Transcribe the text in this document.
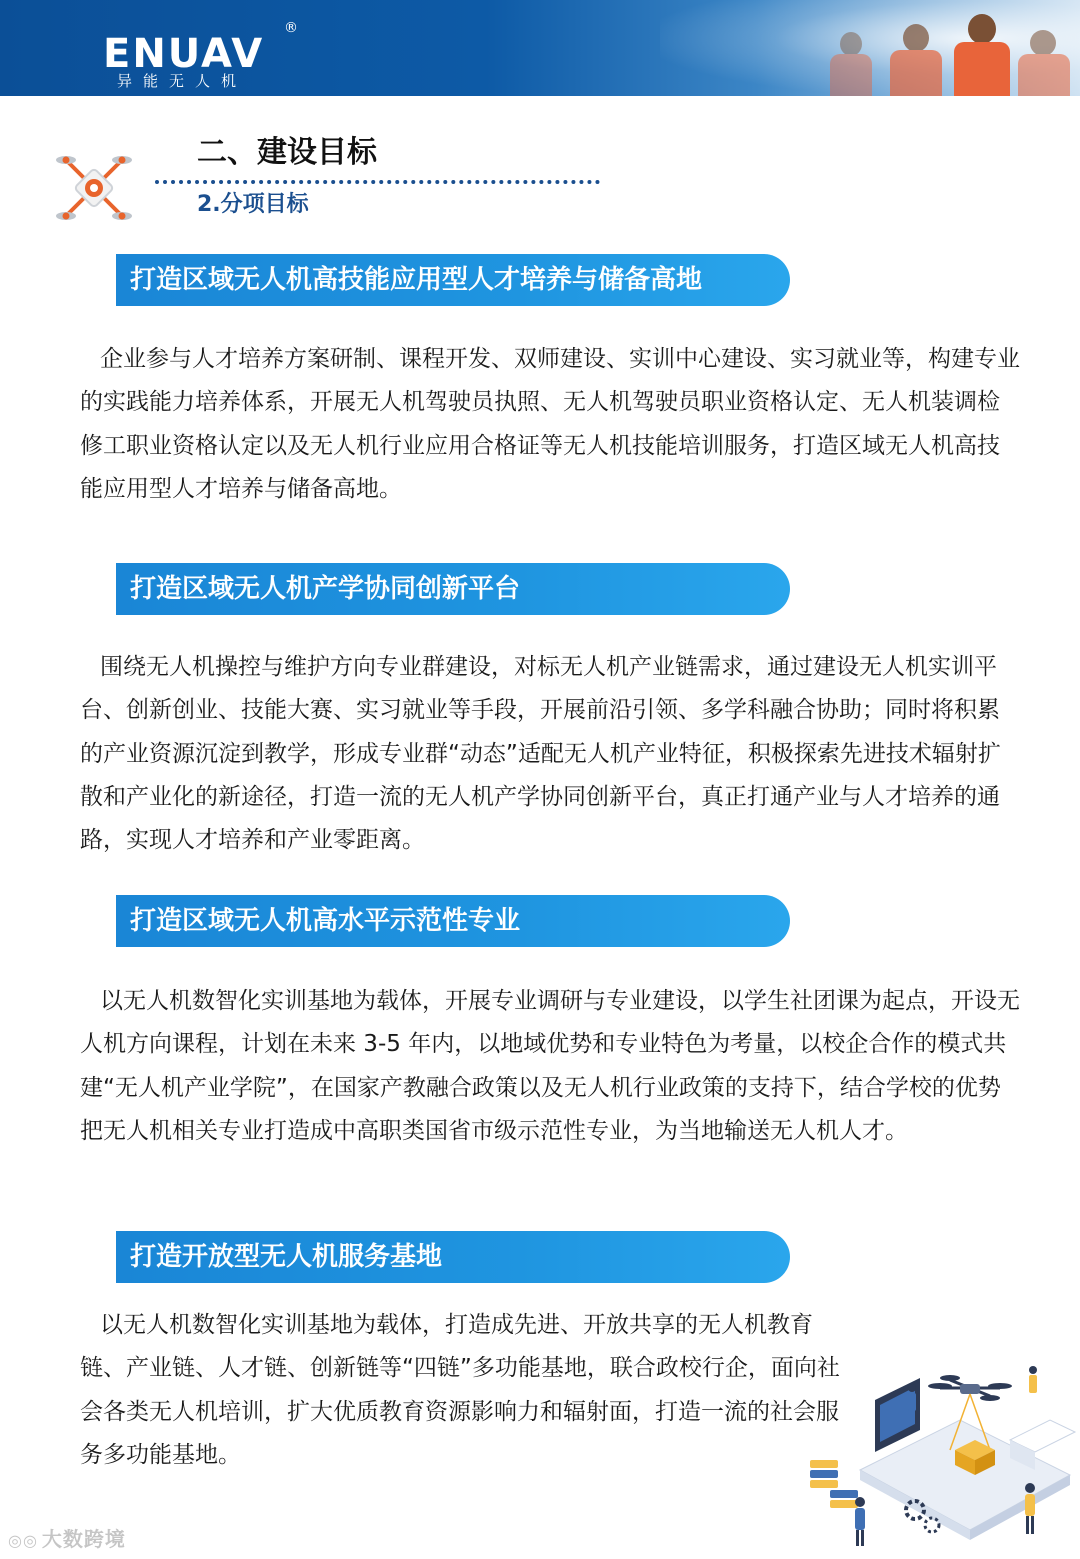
ENUAV
®
异能无人机
二、建设目标
2.分项目标
打造区域无人机高技能应用型人才培养与储备高地

企业参与人才培养方案研制、课程开发、双师建设、实训中心建设、实习就业等，构建专业的实践能力培养体系，开展无人机驾驶员执照、无人机驾驶员职业资格认定、无人机装调检修工职业资格认定以及无人机行业应用合格证等无人机技能培训服务，打造区域无人机高技能应用型人才培养与储备高地。

打造区域无人机产学协同创新平台

围绕无人机操控与维护方向专业群建设，对标无人机产业链需求，通过建设无人机实训平台、创新创业、技能大赛、实习就业等手段，开展前沿引领、多学科融合协助；同时将积累的产业资源沉淀到教学，形成专业群“动态”适配无人机产业特征，积极探索先进技术辐射扩散和产业化的新途径，打造一流的无人机产学协同创新平台，真正打通产业与人才培养的通路，实现人才培养和产业零距离。

打造区域无人机高水平示范性专业

以无人机数智化实训基地为载体，开展专业调研与专业建设，以学生社团课为起点，开设无人机方向课程，计划在未来 3-5 年内，以地域优势和专业特色为考量，以校企合作的模式共建“无人机产业学院”，在国家产教融合政策以及无人机行业政策的支持下，结合学校的优势把无人机相关专业打造成中高职类国省市级示范性专业，为当地输送无人机人才。

打造开放型无人机服务基地

以无人机数智化实训基地为载体，打造成先进、开放共享的无人机教育链、产业链、人才链、创新链等“四链”多功能基地，联合政校行企，面向社会各类无人机培训，扩大优质教育资源影响力和辐射面，打造一流的社会服务多功能基地。

◎◎ 大数跨境
